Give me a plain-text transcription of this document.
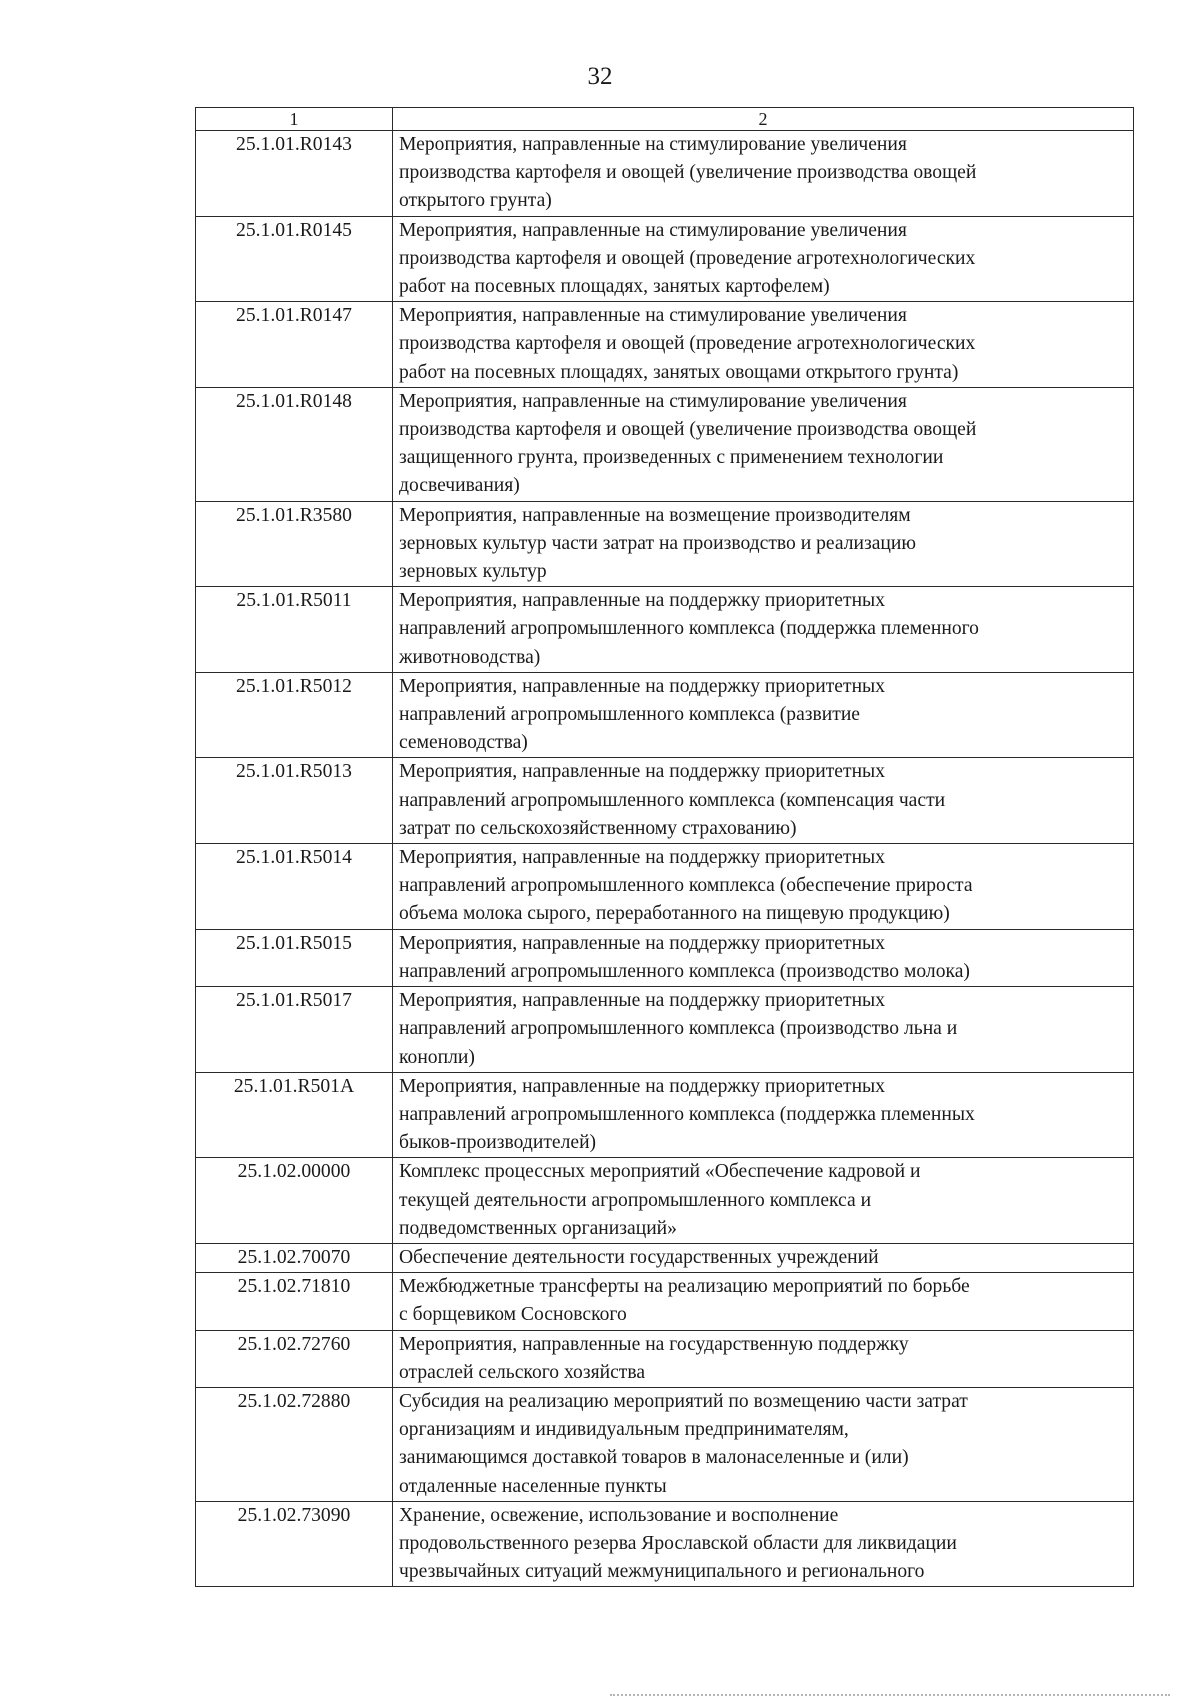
32
1	2
25.1.01.R0143	Мероприятия, направленные на стимулирование увеличения
производства картофеля и овощей (увеличение производства овощей
открытого грунта)

25.1.01.R0145	Мероприятия, направленные на стимулирование увеличения
производства картофеля и овощей (проведение агротехнологических
работ на посевных площадях, занятых картофелем)

25.1.01.R0147	Мероприятия, направленные на стимулирование увеличения
производства картофеля и овощей (проведение агротехнологических
работ на посевных площадях, занятых овощами открытого грунта)

25.1.01.R0148	Мероприятия, направленные на стимулирование увеличения
производства картофеля и овощей (увеличение производства овощей
защищенного грунта, произведенных с применением технологии
досвечивания)

25.1.01.R3580	Мероприятия, направленные на возмещение производителям
зерновых культур части затрат на производство и реализацию
зерновых культур

25.1.01.R5011	Мероприятия, направленные на поддержку приоритетных
направлений агропромышленного комплекса (поддержка племенного
животноводства)

25.1.01.R5012	Мероприятия, направленные на поддержку приоритетных
направлений агропромышленного комплекса (развитие
семеноводства)

25.1.01.R5013	Мероприятия, направленные на поддержку приоритетных
направлений агропромышленного комплекса (компенсация части
затрат по сельскохозяйственному страхованию)

25.1.01.R5014	Мероприятия, направленные на поддержку приоритетных
направлений агропромышленного комплекса (обеспечение прироста
объема молока сырого, переработанного на пищевую продукцию)

25.1.01.R5015	Мероприятия, направленные на поддержку приоритетных
направлений агропромышленного комплекса (производство молока)

25.1.01.R5017	Мероприятия, направленные на поддержку приоритетных
направлений агропромышленного комплекса (производство льна и
конопли)

25.1.01.R501A	Мероприятия, направленные на поддержку приоритетных
направлений агропромышленного комплекса (поддержка племенных
быков-производителей)

25.1.02.00000	Комплекс процессных мероприятий «Обеспечение кадровой и
текущей деятельности агропромышленного комплекса и
подведомственных организаций»

25.1.02.70070	Обеспечение деятельности государственных учреждений

25.1.02.71810	Межбюджетные трансферты на реализацию мероприятий по борьбе
с борщевиком Сосновского

25.1.02.72760	Мероприятия, направленные на государственную поддержку
отраслей сельского хозяйства

25.1.02.72880	Субсидия на реализацию мероприятий по возмещению части затрат
организациям и индивидуальным предпринимателям,
занимающимся доставкой товаров в малонаселенные и (или)
отдаленные населенные пункты

25.1.02.73090	Хранение, освежение, использование и восполнение
продовольственного резерва Ярославской области для ликвидации
чрезвычайных ситуаций межмуниципального и регионального
